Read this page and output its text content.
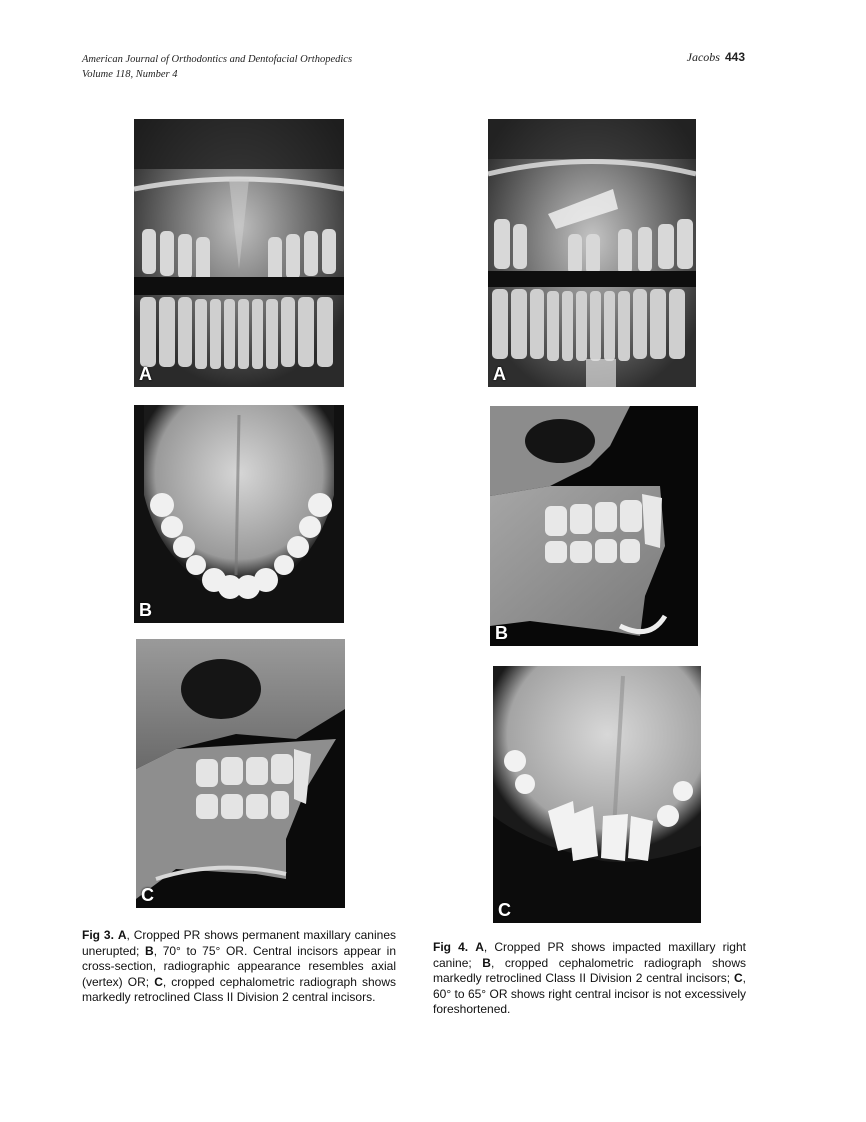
American Journal of Orthodontics and Dentofacial Orthopedics
Volume 118, Number 4
Jacobs 443
A
B
C
A
B
C
Fig 3. A, Cropped PR shows permanent maxillary canines unerupted; B, 70° to 75° OR. Central incisors appear in cross-section, radiographic appearance resembles axial (vertex) OR; C, cropped cephalometric radiograph shows markedly retroclined Class II Division 2 central incisors.
Fig 4. A, Cropped PR shows impacted maxillary right canine; B, cropped cephalometric radiograph shows markedly retroclined Class II Division 2 central incisors; C, 60° to 65° OR shows right central incisor is not excessively foreshortened.
